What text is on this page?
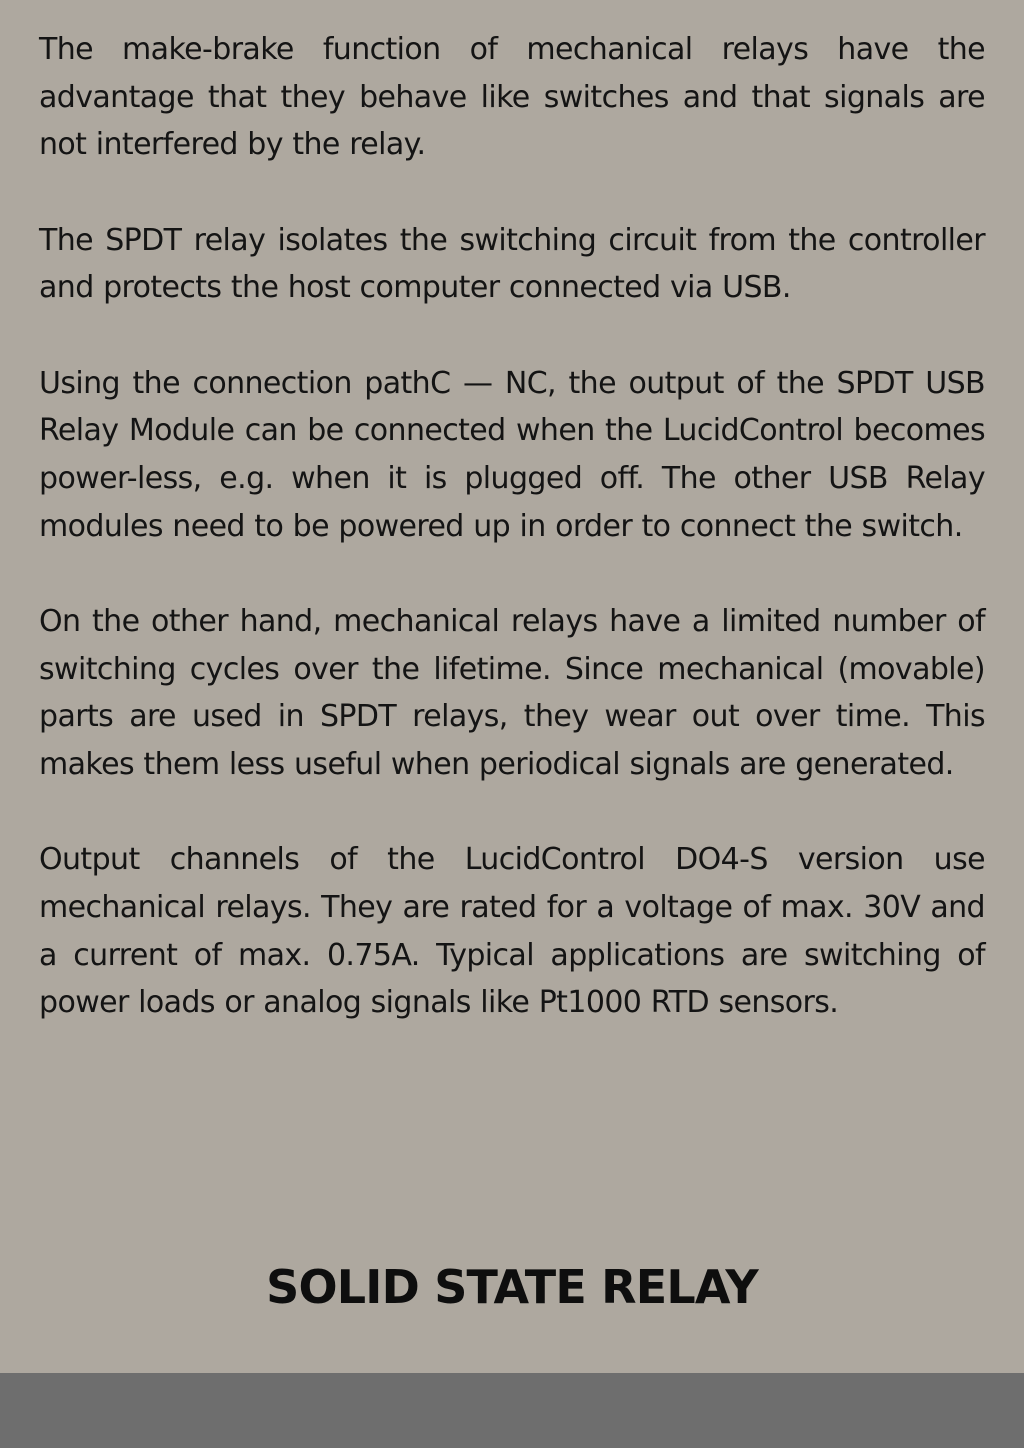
The make-brake function of mechanical relays have the advantage that they behave like switches and that signals are not interfered by the relay.

The SPDT relay isolates the switching circuit from the controller and protects the host computer connected via USB.

Using the connection pathC — NC, the output of the SPDT USB Relay Module can be connected when the LucidControl becomes power-less, e.g. when it is plugged off. The other USB Relay modules need to be powered up in order to connect the switch.

On the other hand, mechanical relays have a limited number of switching cycles over the lifetime. Since mechanical (movable) parts are used in SPDT relays, they wear out over time. This makes them less useful when periodical signals are generated.

Output channels of the LucidControl DO4-S version use mechanical relays. They are rated for a voltage of max. 30V and a current of max. 0.75A. Typical applications are switching of power loads or analog signals like Pt1000 RTD sensors.

SOLID STATE RELAY
